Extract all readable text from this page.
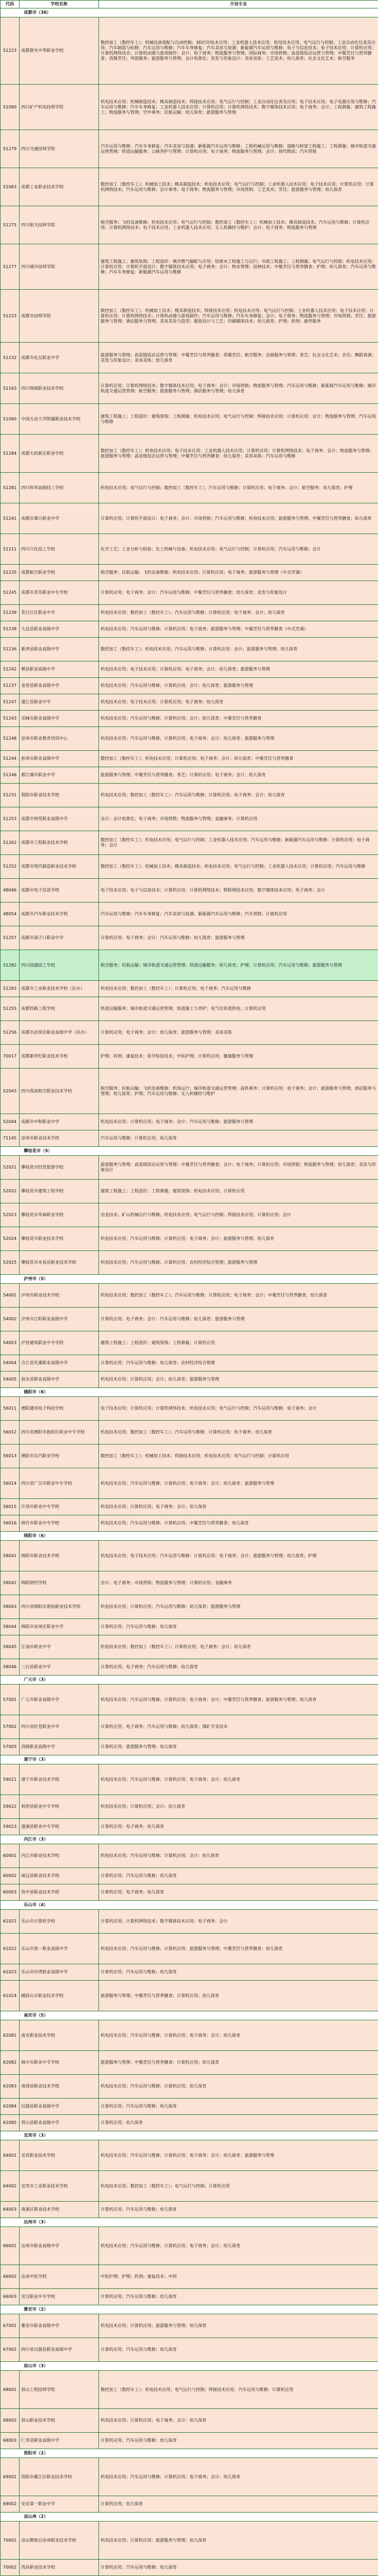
代码	学校名称	开设专业
成都市（36）		
51223	成都群光中等职业学校	数控加工（数控车工）；机械设备装配与自动控制；3D打印技术应用；工业机器人技术应用；机电技术应用；电气运行与控制；工业自动化仪表及应用；汽车制造与检修；汽车运用与维修；汽车车身修复；汽车美容与装潢；新能源汽车运用与维修；电子与信息技术；电子技术应用；计算机应用；计算机网络技术；计算机动漫与游戏制作；会计；电子商务；物流服务与管理；国际商务；市场营销；高星级饭店运营与管理；中餐烹饪与营养膳食；西餐烹饪；导游服务；旅游服务与管理；会计电算化；美发与形象设计；美容美体；工艺美术；幼儿保育；社会文化艺术；航空服务
51090	四川矿产机电技师学院	机电技术应用；机械制造技术；模具制造技术；焊接技术应用；电气运行与控制；工业自动化仪表及应用；电子技术应用；电子电器应用与维修；汽车运用与维修；汽车车身修复；工业机器人技术应用；计算机应用；计算机网络技术；数字媒体技术应用；电子商务；会计；工程测量；建筑工程施工；物流服务与管理；空中乘务；民航运输；幼儿保育；旅游服务与管理
51279	四川交通技师学院	汽车运用与维修；汽车车身修复；汽车美容与装潢；新能源汽车运用与维修；工程机械运用与维修；道路与桥梁工程施工；工程测量；城市轨道交通运营管理；铁道运输服务；公路养护与管理；计算机应用；电子商务；物流服务与管理；会计；现代物流；汽车营销
51083	成都工业职业技术学校	数控加工（数控车工）；机械加工技术；模具制造技术；机电技术应用；电气运行与控制；工业机器人技术应用；电子技术应用；计算机应用；计算机网络技术；汽车运用与维修；会计事务；电子商务；物流服务与管理；市场营销；工艺美术；烹饪；旅游服务与管理；幼儿保育
51275	四川航天技师学院	航空服务；飞机设备维修；机电技术应用；电气运行与控制；数控加工（数控车工）；机械加工技术；模具制造技术；汽车运用与维修；计算机应用；计算机网络技术；电子技术应用；工业机器人技术应用；无人机操控与维护；会计；电子商务；物流服务与管理
51277	四川城市技师学院	建筑工程施工；建筑装饰；工程造价；城市燃气输配与应用；给排水工程施工与运行；市政工程施工；工程测量；电气运行与控制；机电技术应用；计算机应用；计算机平面设计；数字媒体技术应用；电子商务；会计；物业管理；园林技术；中餐烹饪与营养膳食；护理；幼儿保育；汽车运用与维修；汽车车身修复；新能源汽车运用与维修
51233	成都市技师学院	数控加工（数控车工）；机械加工技术；模具制造技术；焊接技术应用；机电技术应用；电气运行与控制；工业机器人技术应用；电子技术应用；计算机应用；计算机网络技术；计算机动漫与游戏制作；汽车运用与维修；汽车车身修复；会计；电子商务；物流服务与管理；市场营销；烹饪；旅游服务与管理；酒店服务与管理；美容美发与造型；服装设计与工艺；印刷媒体技术；幼儿保育；护理；药剂；康养服务
51232	成都市礼仪职业中学	旅游服务与管理；高星级饭店运营与管理；中餐烹饪与营养膳食；西餐烹饪；航空服务；会展服务与管理；茶艺；社会文化艺术；音乐；舞蹈表演；美发与形象设计；美容美体；幼儿保育
51163	四川锦城职业技术学校	计算机应用；计算机网络技术；数字媒体技术应用；电子商务；会计；市场营销；物流服务与管理；汽车运用与维修；新能源汽车运用与维修；城市轨道交通运营管理；航空服务；旅游服务与管理；酒店服务与管理；幼儿保育
51090	中国五冶大学附属职业技术学校	建筑工程施工；工程造价；建筑装饰；工程测量；机电技术应用；电气运行与控制；焊接技术应用；计算机应用；会计；物流服务与管理；汽车运用与维修
51284	成都天府新区职业学校	数控加工（数控车工）；机电技术应用；电子技术应用；工业机器人技术应用；计算机应用；计算机网络技术；电子商务；会计；物流服务与管理；旅游服务与管理；高星级饭店运营与管理；中餐烹饪与营养膳食；幼儿保育；美容美体；汽车运用与维修
51281	四川科华高级技工学校	机电技术应用；电气运行与控制；数控加工（数控车工）；汽车运用与维修；计算机应用；电子商务；会计；航空服务；幼儿保育；护理
51241	成都市蜀兴职业中学	计算机应用；计算机平面设计；电子商务；会计；市场营销；汽车运用与维修；机电技术应用；旅游服务与管理；中餐烹饪与营养膳食；幼儿保育
51211	四川川化技工学校	化学工艺；工业分析与检验；化工机械与设备；机电技术应用；电气运行与控制；计算机应用；汽车运用与维修；会计
51235	成都航空职业学校	航空服务；民航运输；飞机设备维修；机电技术应用；计算机应用；电子商务；旅游服务与管理（中式烹调）
51245	成都市青苏职业中专学校	计算机应用；电子商务；会计；汽车运用与维修；中餐烹饪与营养膳食；幼儿保育；美发与形象设计
51239	青白江区职业中学	机电技术应用；数控加工（数控车工）；汽车运用与维修；计算机应用；电子商务；会计；幼儿保育
51238	大邑县职业高级中学	机电技术应用；汽车运用与维修；计算机应用；电子商务；旅游服务与管理；中餐烹饪与营养膳食（中式烹调）
51236	新津县职业高级中学	数控加工（数控车工）；机电技术应用；汽车运用与维修；计算机应用；会计；旅游服务与管理；幼儿保育
51242	郫县职业高级中学	机电技术应用；电子技术应用；计算机应用；电子商务；会计；幼儿保育；旅游服务与管理
51237	金堂县职业高级中学	机电技术应用；汽车运用与维修；计算机应用；会计；幼儿保育；旅游服务与管理
51247	蒲江县职业中学	机电技术应用；电子技术应用；计算机应用；电子商务；幼儿保育
51243	邛崃市职业高级中学	机电技术应用；汽车运用与维修；计算机应用；会计；幼儿保育；中餐烹饪与营养膳食
51248	崇州市职业教育培训中心	机电技术应用；汽车运用与维修；计算机应用；电子商务；会计；幼儿保育；旅游服务与管理
51244	彭州市职业高级中学	数控加工（数控车工）；机电技术应用；计算机应用；电子商务；会计；幼儿保育；中餐烹饪与营养膳食
51246	都江堰市职业中学	旅游服务与管理；中餐烹饪与营养膳食；茶艺；计算机应用；电子商务；会计；幼儿保育
51231	简阳市职业技术学校	机电技术应用；数控加工（数控车工）；汽车运用与维修；计算机应用；电子商务；会计；幼儿保育
51253	成都市财贸职业高级中学	会计；会计电算化；电子商务；市场营销；物流服务与管理；金融事务；计算机应用
51262	成都市工程职业技术学校	数控加工（数控车工）；机电技术应用；电气运行与控制；工业机器人技术应用；汽车运用与维修；新能源汽车运用与维修；计算机应用；电子商务；会计
51252	成都市现代制造职业技术学校	数控加工（数控车工）；机械加工技术；模具制造技术；机电技术应用；电气运行与控制；工业机器人技术应用；计算机应用；汽车运用与维修
48046	成都市电子信息学校	电子技术应用；电子与信息技术；计算机应用；计算机网络技术；物联网技术应用；数字媒体技术应用；电子商务；会计
48054	成都市汽车职业技术学校	汽车运用与维修；汽车车身修复；汽车美容与装潢；新能源汽车运用与维修；汽车营销；计算机应用
51257	成都市洞子口职业中学	计算机应用；电子商务；会计；汽车运用与维修；幼儿保育；旅游服务与管理
51282	四川国盛技工学校	航空服务；民航运输；城市轨道交通运营管理；铁道运输服务；幼儿保育；护理；计算机应用；汽车运用与维修；旅游服务与管理
51283	成都市工业职业技术学校（民办）	机电技术应用；数控加工（数控车工）；计算机应用；电子商务；汽车运用与维修
51255	成都铁路工程学校	铁道运输服务；城市轨道交通运营管理；铁道施工与养护；电气化铁道供电；计算机应用
51256	成都市武侯区职业高级中学（民办）	计算机应用；电子商务；会计；幼儿保育；旅游服务与管理；美容美体
70017	成都新世纪职业技术学校	护理；药剂；康复技术；医学检验技术；中医护理；计算机应用；健康服务与管理
52043	四川西南航空职业技术学校	航空服务；民航运输；飞机设备维修；机场运行；城市轨道交通运营管理；高铁乘务；计算机应用；电子商务；会计；旅游服务与管理；酒店服务与管理；幼儿保育；护理；汽车运用与维修；无人机操控与维护
52044	成都市中和职业中学	机电技术应用；计算机应用；电子商务；会计；汽车运用与维修；旅游服务与管理
71145	崇州市职业技术学校	汽车运用与维修；计算机应用；幼儿保育
攀枝花市（5）		
52021	攀枝花市经贸旅游学校	旅游服务与管理；高星级饭店运营与管理；中餐烹饪与营养膳食；会计；电子商务；计算机应用；市场营销；物流服务与管理；幼儿保育；美发与形象设计
52022	攀枝花市建筑工程学校	建筑工程施工；工程造价；工程测量；建筑装饰；机电技术应用；计算机应用
52023	攀枝花市华森职业学校	冶金技术；矿山机械运行与维修；机电技术应用；电气运行与控制；焊接技术应用；计算机应用；会计
52024	攀枝花市职业技术学校	机电技术应用；汽车运用与维修；计算机应用；电子商务；会计；旅游服务与管理；幼儿保育
52025	攀枝花市米易县职业技术学校	机电技术应用；汽车运用与维修；计算机应用；农村经济综合管理；旅游服务与管理
泸州市（5）		
54001	泸州市职业技术学校	机电技术应用；数控加工（数控车工）；汽车运用与维修；计算机应用；电子商务；会计；中餐烹饪与营养膳食；幼儿保育
54002	泸州市江阳职业高级中学	计算机应用；电子商务；会计；汽车运用与维修；幼儿保育；旅游服务与管理
54003	泸县建筑职业中专学校	建筑工程施工；工程造价；建筑装饰；工程测量；计算机应用
54004	合江县先滩职业高级中学	计算机应用；汽车运用与维修；幼儿保育；农村经济综合管理
54005	叙永县职业高级中学	机电技术应用；计算机应用；会计；幼儿保育；旅游服务与管理
德阳市（6）		
56011	德阳通用电子科技学校	电子技术应用；计算机应用；计算机网络技术；机电技术应用；电气运行与控制；汽车运用与维修；电子商务；会计
56012	四川省德阳市旌阳区职业中专学校	机电技术应用；数控加工（数控车工）；汽车运用与维修；计算机应用；电子商务；幼儿保育
56013	德阳市东汽职业学校	数控加工（数控车工）；机械加工技术；焊接技术应用；机电技术应用；电气运行与控制；计算机应用
56014	四川省广汉市职业中专学校	机电技术应用；汽车运用与维修；计算机应用；电子商务；会计；幼儿保育；旅游服务与管理
56015	什邡市职业中专学校	机电技术应用；计算机应用；电子商务；会计；幼儿保育
56016	绵竹市职业中专学校	机电技术应用；汽车运用与维修；计算机应用；中餐烹饪与营养膳食；幼儿保育
绵阳市（6）		
58041	绵阳市职业技术学校	机电技术应用；电子技术应用；汽车运用与维修；计算机应用；电子商务；会计；旅游服务与管理；幼儿保育；护理
58042	绵阳财经学校	会计；电子商务；市场营销；物流服务与管理；计算机应用；金融事务
58043	四川省绵阳市游仙职业技术学校	机电技术应用；计算机应用；汽车运用与维修；幼儿保育；旅游服务与管理
58044	绵阳市安州区职业中学	计算机应用；汽车运用与维修；幼儿保育
58045	江油市职业中学	机电技术应用；数控加工（数控车工）；计算机应用；电子商务；会计；幼儿保育
58046	三台县职业中学	计算机应用；电子商务；汽车运用与维修；幼儿保育
广元市（3）		
57001	广元市职业高级中学	机电技术应用；汽车运用与维修；计算机应用；电子商务；会计；中餐烹饪与营养膳食；旅游服务与管理；幼儿保育
57002	四川省旺苍职业中学	计算机应用；电子商务；汽车运用与维修；幼儿保育；煤矿开采技术
57003	剑阁职业高级中学	计算机应用；旅游服务与管理；幼儿保育
遂宁市（3）		
59021	遂宁市职业技术学校	机电技术应用；汽车运用与维修；计算机应用；电子商务；会计；幼儿保育
59022	射洪县职业中专学校	机电技术应用；计算机应用；会计；幼儿保育
59023	蓬溪县职业中专学校	计算机应用；电子商务；幼儿保育
内江市（3）		
60001	内江市职业技术学校	机电技术应用；汽车运用与维修；计算机应用；会计；幼儿保育
60002	威远县职业技术学校	计算机应用；汽车运用与维修；幼儿保育
60003	资中县职业技术学校	计算机应用；电子商务；幼儿保育
乐山市（4）		
61021	乐山市计算机学校	计算机应用；计算机网络技术；数字媒体技术应用；电子商务；会计
61022	乐山市第一职业高级中学	机电技术应用；汽车运用与维修；计算机应用；旅游服务与管理；中餐烹饪与营养膳食；幼儿保育
61023	乐山市沙湾职业高级中学	计算机应用；汽车运用与维修；幼儿保育
61024	峨眉山市职业技术学校	旅游服务与管理；中餐烹饪与营养膳食；计算机应用；幼儿保育
南充市（5）		
62081	南充职业技术学校	机电技术应用；汽车运用与维修；计算机应用；电子商务；会计；幼儿保育
62082	阆中市职业中专学校	旅游服务与管理；中餐烹饪与营养膳食；计算机应用；幼儿保育
62083	南部县职业技术学校	机电技术应用；汽车运用与维修；计算机应用；幼儿保育
62084	仪陇县职业高级中学	计算机应用；汽车运用与维修；幼儿保育
62085	营山县职业高级中学	计算机应用；幼儿保育
宜宾市（3）		
64001	宜宾职业技术学校	机电技术应用；汽车运用与维修；计算机应用；电子商务；会计；幼儿保育；旅游服务与管理
64002	宜宾市工业职业技术学校	机电技术应用；数控加工（数控车工）；电气运行与控制；计算机应用
64003	南溪区职业技术学校	计算机应用；汽车运用与维修；幼儿保育
达州市（3）		
66001	达州市职业高级中学	机电技术应用；汽车运用与维修；计算机应用；电子商务；会计；幼儿保育
66002	达州中医学校	中医护理；护理；药剂；康复技术；中药
66003	宣汉职业中专学校	计算机应用；汽车运用与维修；幼儿保育
雅安市（2）		
67001	雅安市职业高级中学	机电技术应用；计算机应用；旅游服务与管理；幼儿保育
67002	四川省汉源县职业高级中学	计算机应用；汽车运用与维修；幼儿保育
眉山市（3）		
68001	眉山工程技师学院	数控加工（数控车工）；机电技术应用；电气运行与控制；焊接技术应用；汽车运用与维修；计算机应用
68002	眉山职业技术学校	机电技术应用；计算机应用；电子商务；会计；幼儿保育
68003	仁寿县职业高级中学	计算机应用；汽车运用与维修；幼儿保育
资阳市（2）		
69001	资阳市雁江区职业技术学校	机电技术应用；汽车运用与维修；计算机应用；电子商务；会计；幼儿保育
69002	安岳第一职业中学	计算机应用；幼儿保育
凉山州（2）		
70001	凉山彝族自治州职业技术学校	机电技术应用；计算机应用；旅游服务与管理；幼儿保育
70002	西昌职业技术学校	计算机应用；汽车运用与维修；幼儿保育
